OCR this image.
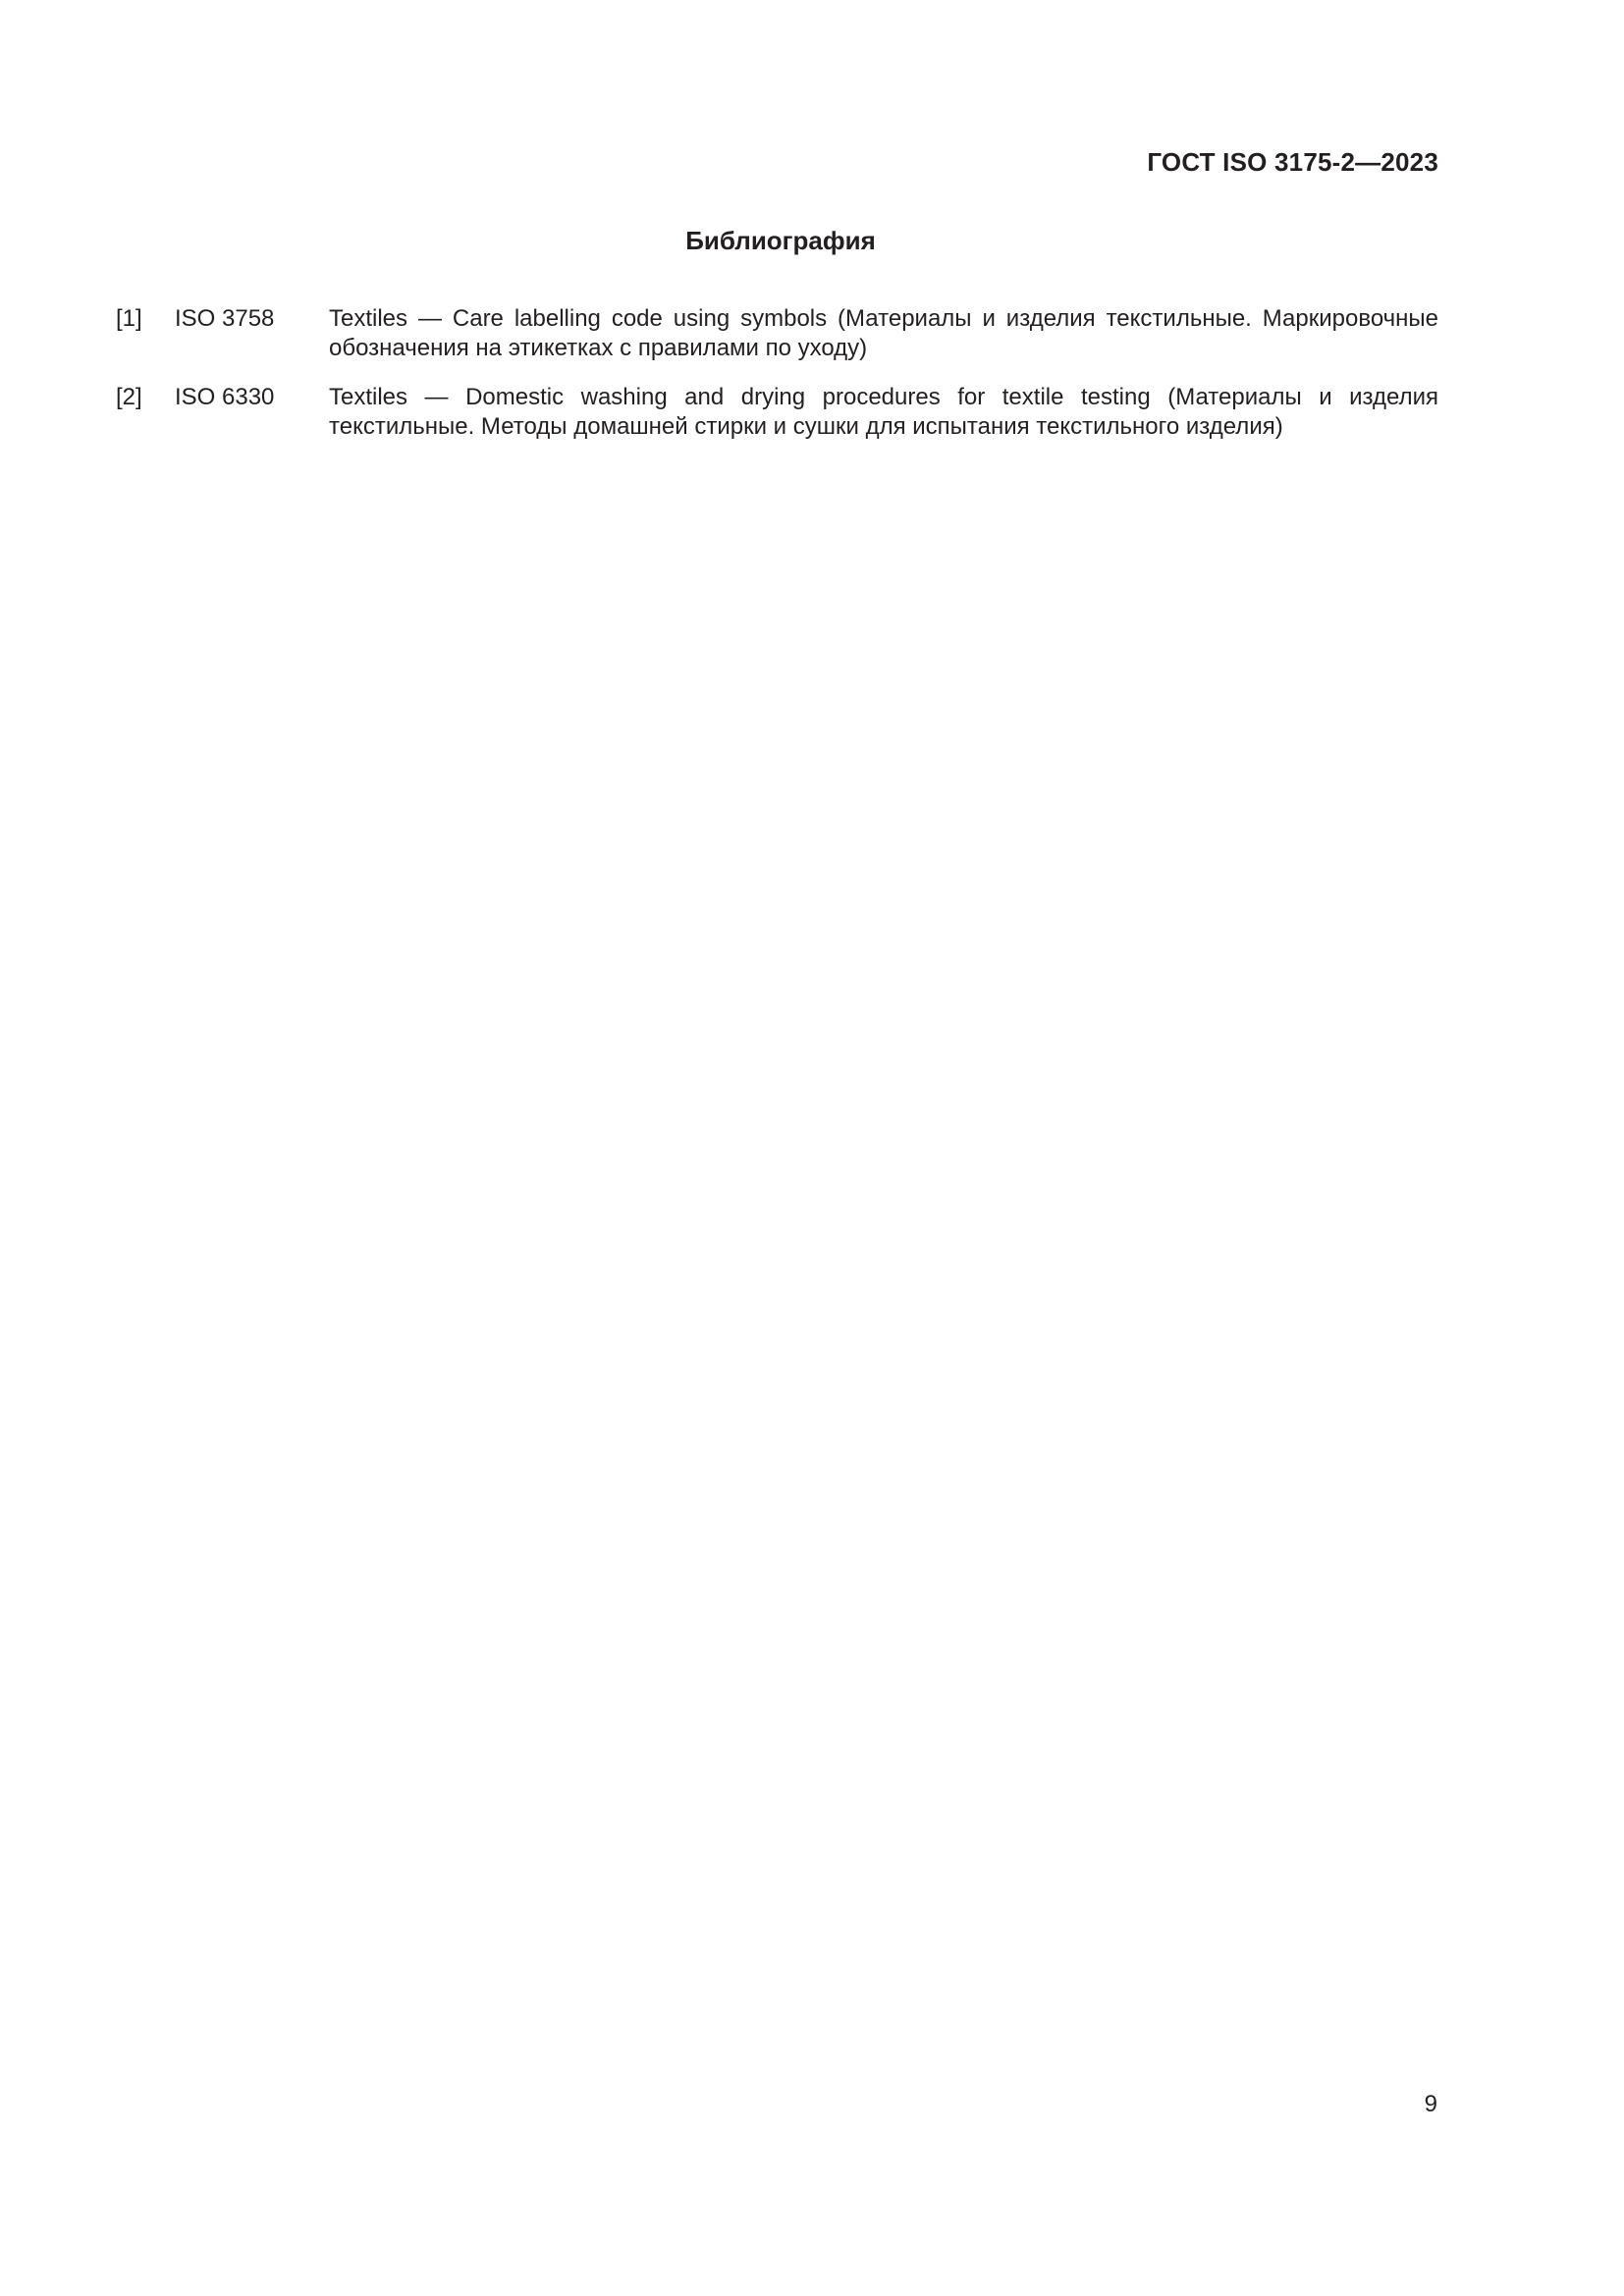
ГОСТ ISO 3175-2—2023
Библиография
[1] ISO 3758 Textiles — Care labelling code using symbols (Материалы и изделия текстильные. Маркировочные обозначения на этикетках с правилами по уходу)
[2] ISO 6330 Textiles — Domestic washing and drying procedures for textile testing (Материалы и изделия текстильные. Методы домашней стирки и сушки для испытания текстильного изделия)
9
